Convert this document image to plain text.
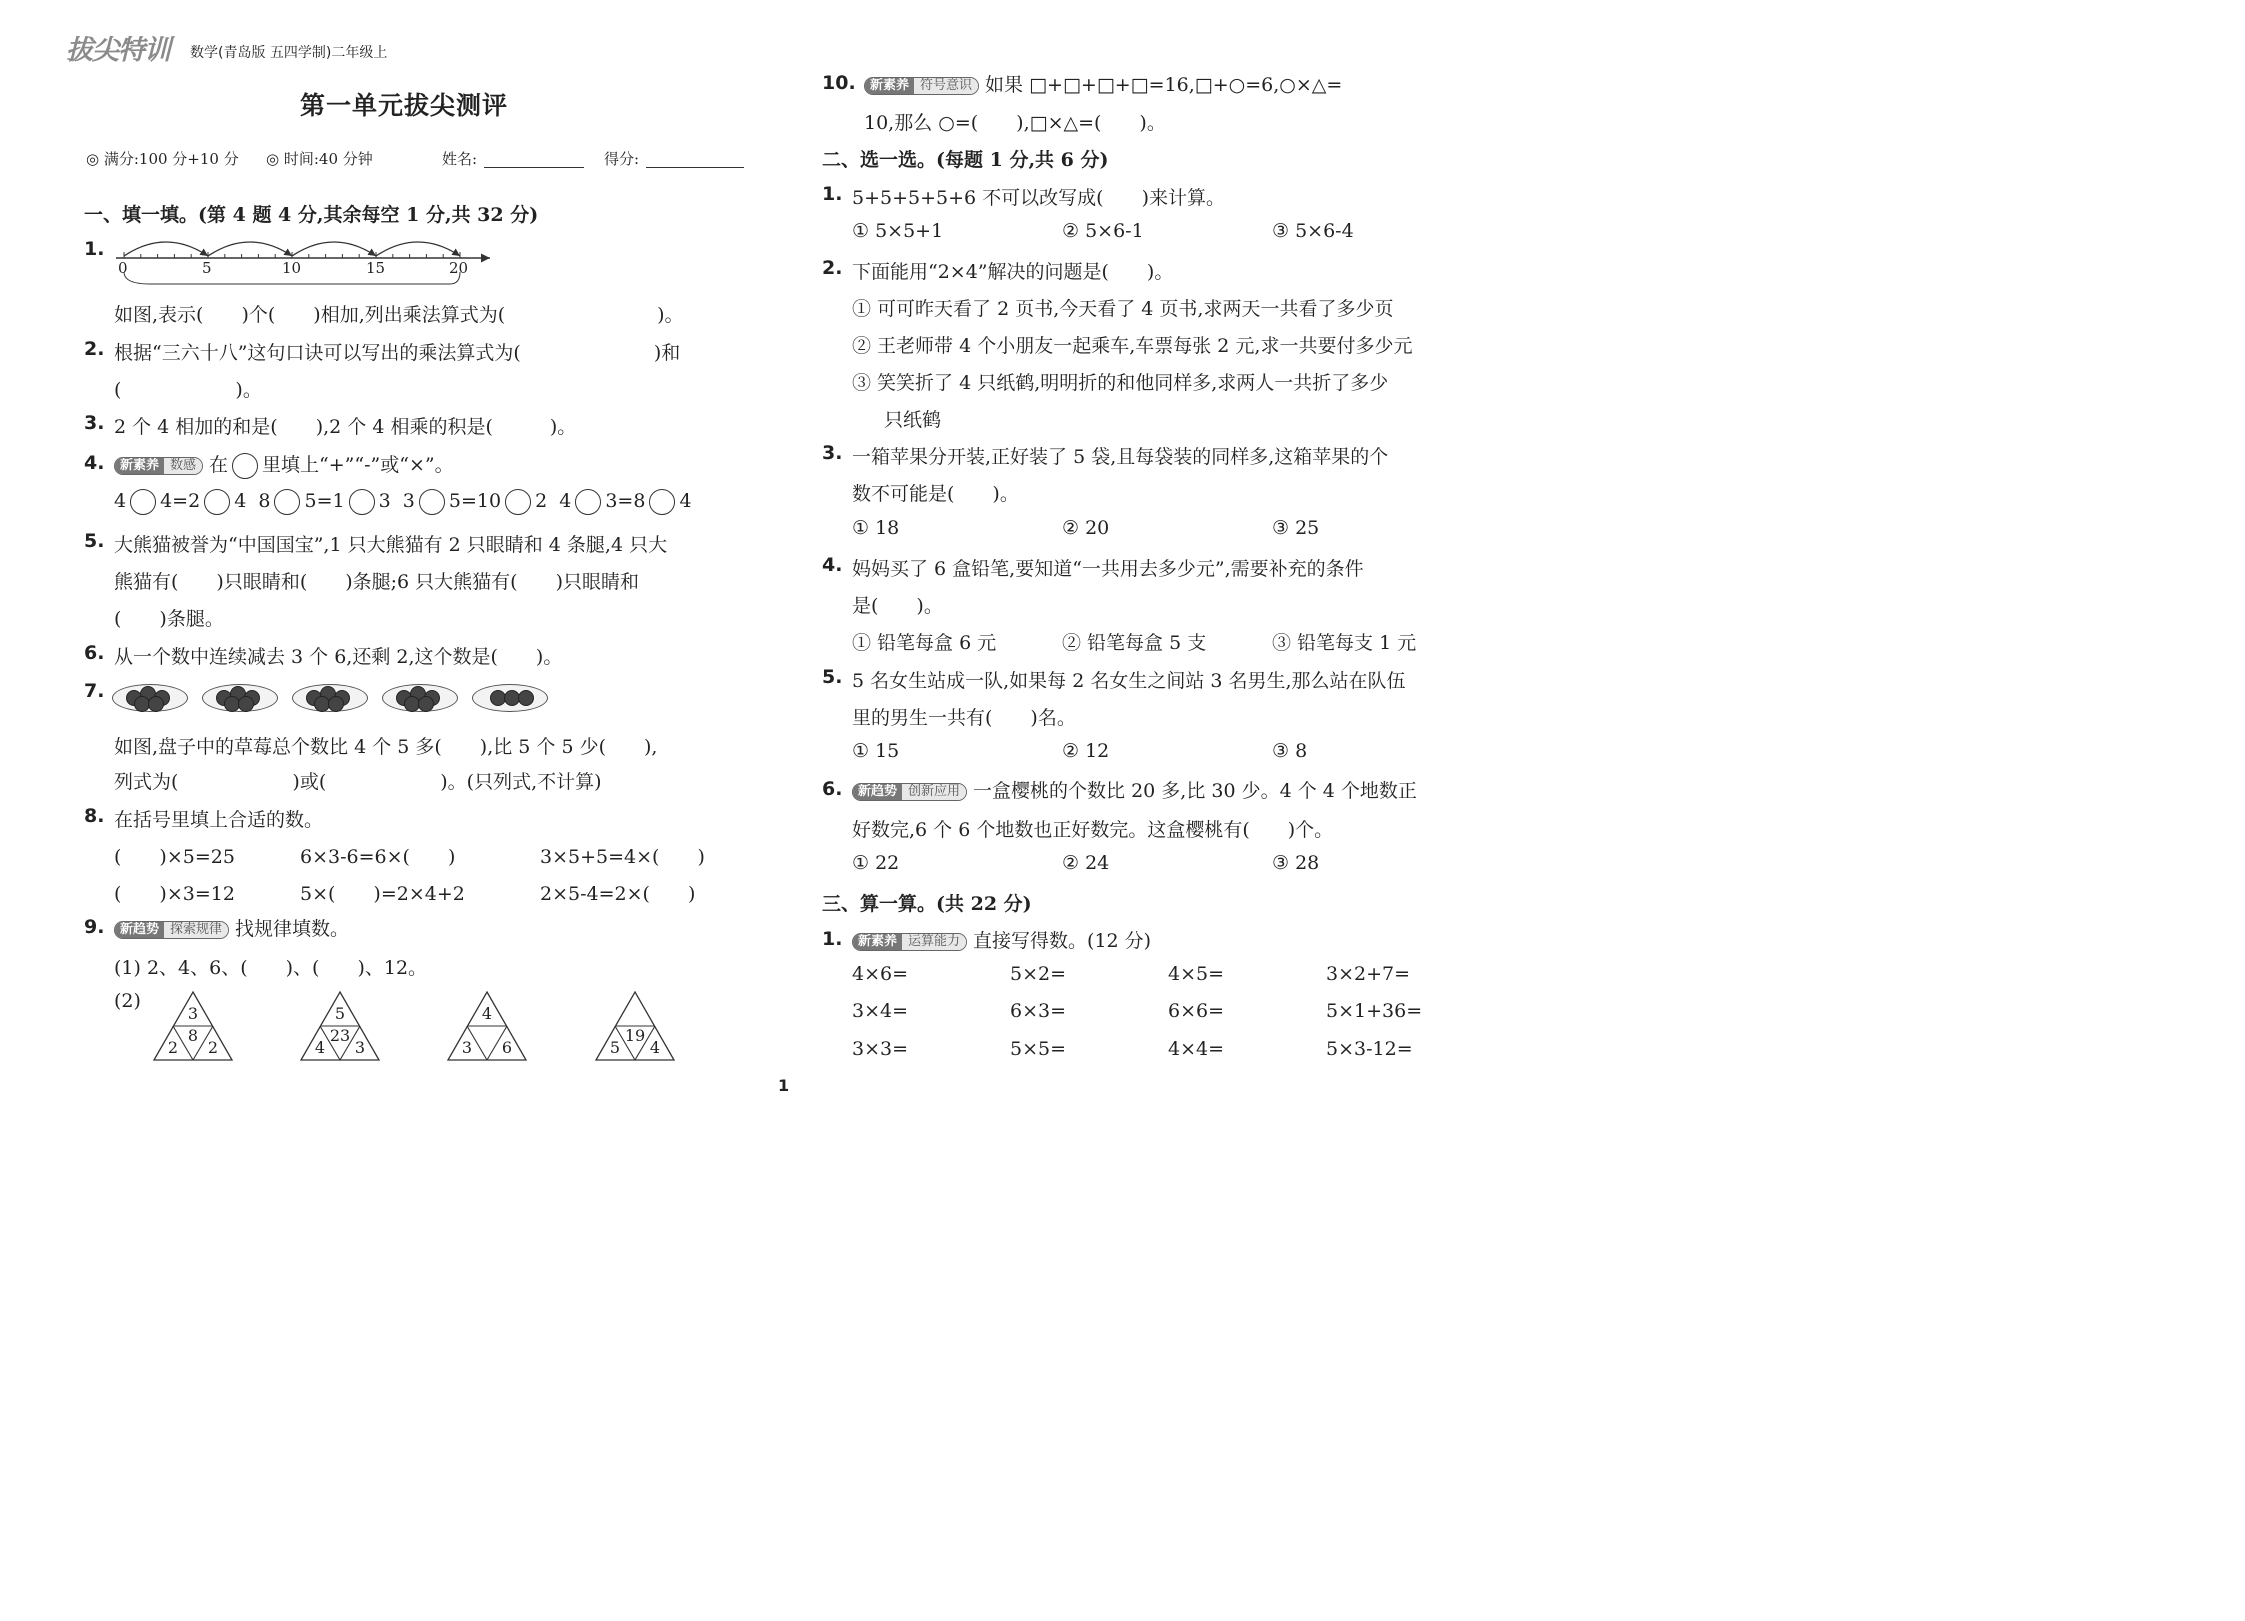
拔尖特训 数学(青岛版 五四学制)二年级上
第一单元拔尖测评
◎ 满分:100 分+10 分 ◎ 时间:40 分钟	姓名:	得分:
一、填一填。(第 4 题 4 分,其余每空 1 分,共 32 分)
1.
0	5	10	15	20
如图,表示(　　)个(　　)相加,列出乘法算式为(　　　　　　　　)。
2. 根据“三六十八”这句口诀可以写出的乘法算式为(　　　　　　　)和
(　　　　　　)。
3. 2 个 4 相加的和是(　　),2 个 4 相乘的积是(　　　)。
4.	新素养 数感 在 里填上“+”“-”或“×”。
4 4=2 4 8 5=1 3 3 5=10 2 4 3=8 4
5. 大熊猫被誉为“中国国宝”,1 只大熊猫有 2 只眼睛和 4 条腿,4 只大
熊猫有(　　)只眼睛和(　　)条腿;6 只大熊猫有(　　)只眼睛和
(　　)条腿。
6. 从一个数中连续减去 3 个 6,还剩 2,这个数是(　　)。
7.
如图,盘子中的草莓总个数比 4 个 5 多(　　),比 5 个 5 少(　　),
列式为(　　　　　　)或(　　　　　　)。(只列式,不计算)
8. 在括号里填上合适的数。
(　　)×5=25	6×3-6=6×(　　)	3×5+5=4×(　　)
(　　)×3=12	5×(　　)=2×4+2	2×5-4=2×(　　)
9.	新趋势 探索规律 找规律填数。
(1) 2、4、6、(　　)、(　　)、12。
(2)
3
8
2	2
5
23
4	3
4
3	6
19
5	4
10.	新素养 符号意识 如果 □+□+□+□=16,□+○=6,○×△=
10,那么 ○=(　　),□×△=(　　)。
二、选一选。(每题 1 分,共 6 分)
1. 5+5+5+5+6 不可以改写成(　　)来计算。
① 5×5+1	② 5×6-1	③ 5×6-4
2. 下面能用“2×4”解决的问题是(　　)。
① 可可昨天看了 2 页书,今天看了 4 页书,求两天一共看了多少页
② 王老师带 4 个小朋友一起乘车,车票每张 2 元,求一共要付多少元
③ 笑笑折了 4 只纸鹤,明明折的和他同样多,求两人一共折了多少
只纸鹤
3. 一箱苹果分开装,正好装了 5 袋,且每袋装的同样多,这箱苹果的个
数不可能是(　　)。
① 18	② 20	③ 25
4. 妈妈买了 6 盒铅笔,要知道“一共用去多少元”,需要补充的条件
是(　　)。
① 铅笔每盒 6 元	② 铅笔每盒 5 支	③ 铅笔每支 1 元
5. 5 名女生站成一队,如果每 2 名女生之间站 3 名男生,那么站在队伍
里的男生一共有(　　)名。
① 15	② 12	③ 8
6.	新趋势 创新应用 一盒樱桃的个数比 20 多,比 30 少。4 个 4 个地数正
好数完,6 个 6 个地数也正好数完。这盒樱桃有(　　)个。
① 22	② 24	③ 28
三、算一算。(共 22 分)
1.	新素养 运算能力 直接写得数。(12 分)
4×6=	5×2=	4×5=	3×2+7=
3×4=	6×3=	6×6=	5×1+36=
3×3=	5×5=	4×4=	5×3-12=
1
